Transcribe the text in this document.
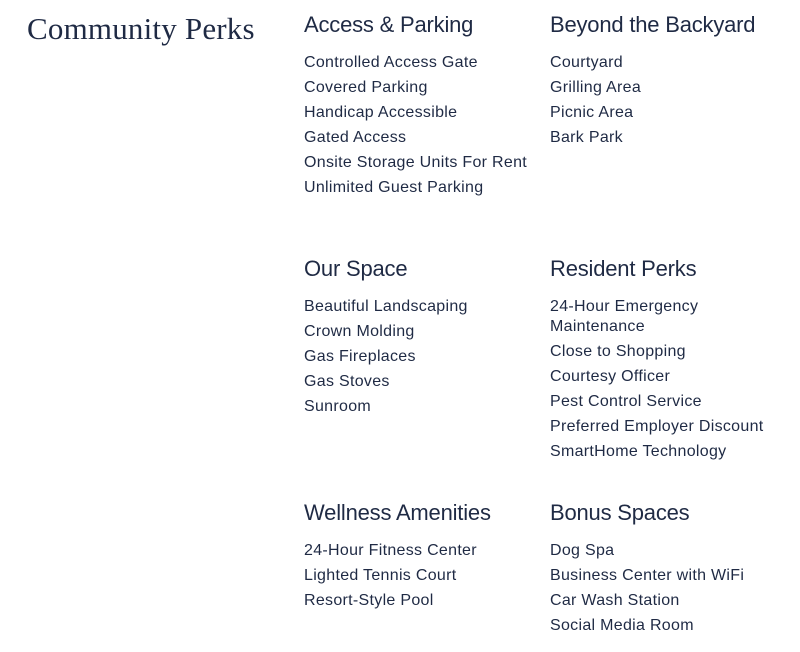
Community Perks Access & Parking
Controlled Access Gate
Covered Parking
Handicap Accessible
Gated Access
Onsite Storage Units For Rent
Unlimited Guest Parking
Beyond the Backyard
Courtyard
Grilling Area
Picnic Area
Bark Park
Our Space
Beautiful Landscaping
Crown Molding
Gas Fireplaces
Gas Stoves
Sunroom
Resident Perks
24-Hour Emergency Maintenance
Close to Shopping
Courtesy Officer
Pest Control Service
Preferred Employer Discount
SmartHome Technology
Wellness Amenities
24-Hour Fitness Center
Lighted Tennis Court
Resort-Style Pool
Bonus Spaces
Dog Spa
Business Center with WiFi
Car Wash Station
Social Media Room
